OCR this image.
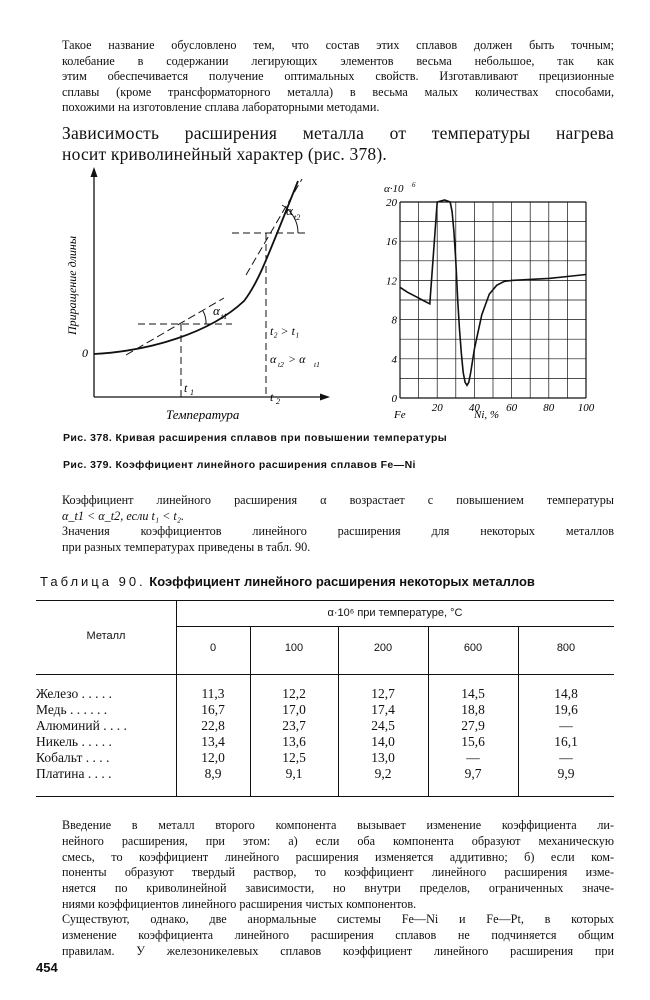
Такое название обусловлено тем, что состав этих сплавов должен быть точным;
колебание в содержании легирующих элементов весьма небольшое, так как
этим обеспечивается получение оптимальных свойств. Изготавливают прецизионные
сплавы (кроме трансформаторного металла) в весьма малых количествах способами,
похожими на изготовление сплава лабораторными методами.
Зависимость расширения металла от температуры нагрева
носит криволинейный характер (рис. 378).
0
Приращение длины
Температура
t 1	t 2
α t1
α t2
t₂ > t₁
α t2 > α t1
20
16
12
8
4
0
20 40 60 80 100
α·10 6
Fe	Ni, %
Рис. 378. Кривая расширения сплавов при повышении температуры
Рис. 379. Коэффициент линейного расширения сплавов Fe—Ni
Коэффициент линейного расширения α возрастает с повышением температуры
α_t1 < α_t2, если t₁ < t₂.
Значения коэффициентов линейного расширения для некоторых металлов
при разных температурах приведены в табл. 90.
Таблица 90. Коэффициент линейного расширения некоторых металлов
Металл
α·10⁶ при температуре, °C
0	100	200	600	800
Железо . . . . .	11,3	12,2	12,7	14,5	14,8
Медь . . . . . .	16,7	17,0	17,4	18,8	19,6
Алюминий . . . .	22,8	23,7	24,5	27,9	—
Никель . . . . .	13,4	13,6	14,0	15,6	16,1
Кобальт . . . .	12,0	12,5	13,0	—	—
Платина . . . .	8,9	9,1	9,2	9,7	9,9
Введение в металл второго компонента вызывает изменение коэффициента ли-
нейного расширения, при этом: а) если оба компонента образуют механическую
смесь, то коэффициент линейного расширения изменяется аддитивно; б) если ком-
поненты образуют твердый раствор, то коэффициент линейного расширения изме-
няется по криволинейной зависимости, но внутри пределов, ограниченных значе-
ниями коэффициентов линейного расширения чистых компонентов.
Существуют, однако, две анормальные системы Fe—Ni и Fe—Pt, в которых
изменение коэффициента линейного расширения сплавов не подчиняется общим
правилам. У железоникелевых сплавов коэффициент линейного расширения при
454
